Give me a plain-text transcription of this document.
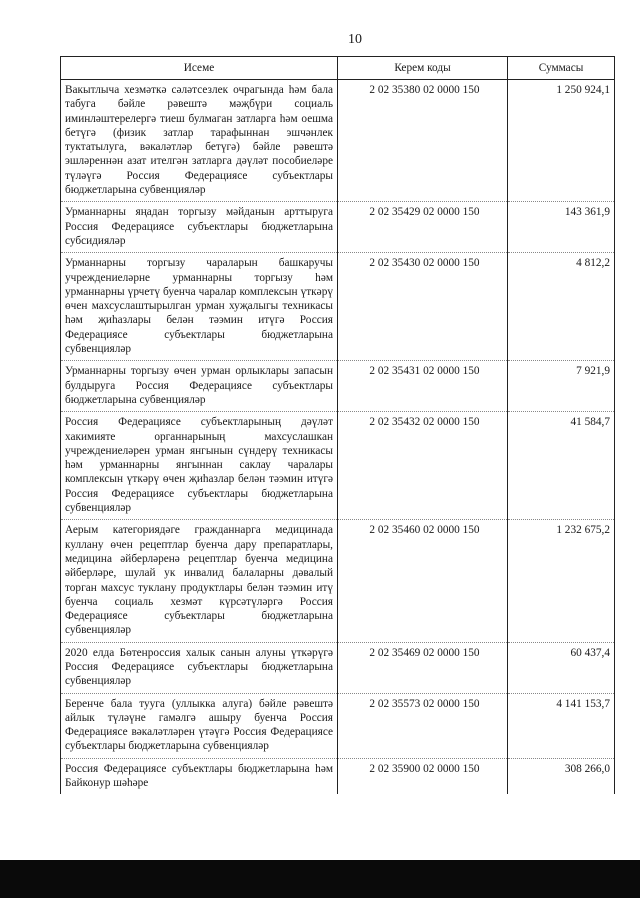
10
Исеме	Керем коды	Суммасы
Вакытлыча хезмәткә сәләтсезлек очрагында һәм бала табуга бәйле рәвештә мәҗбүри социаль иминләштерелергә тиеш булмаган затларга һәм оешма бетүгә (физик затлар тарафыннан эшчәнлек туктатылуга, вәкаләтләр бетүгә) бәйле рәвештә эшләреннән азат ителгән затларга дәүләт пособиеләре түләүгә Россия Федерациясе субъектлары бюджетларына субвенцияләр	2 02 35380 02 0000 150	1 250 924,1
Урманнарны яңадан торгызу мәйданын арттыруга Россия Федерациясе субъектлары бюджетларына субсидияләр	2 02 35429 02 0000 150	143 361,9
Урманнарны торгызу чараларын башкаручы учреждениеләрне урманнарны торгызу һәм урманнарны үрчетү буенча чаралар комплексын үткәрү өчен махсуслаштырылган урман хуҗалыгы техникасы һәм җиһазлары белән тәэмин итүгә Россия Федерациясе субъектлары бюджетларына субвенцияләр	2 02 35430 02 0000 150	4 812,2
Урманнарны торгызу өчен урман орлыклары запасын булдыруга Россия Федерациясе субъектлары бюджетларына субвенцияләр	2 02 35431 02 0000 150	7 921,9
Россия Федерациясе субъектларының дәүләт хакимияте органнарының махсуслашкан учреждениеләрен урман янгынын сүндерү техникасы һәм урманнарны янгыннан саклау чаралары комплексын үткәрү өчен җиһазлар белән тәэмин итүгә Россия Федерациясе субъектлары бюджетларына субвенцияләр	2 02 35432 02 0000 150	41 584,7
Аерым категориядәге гражданнарга медицинада куллану өчен рецептлар буенча дару препаратлары, медицина әйберләренә рецептлар буенча медицина әйберләре, шулай ук инвалид балаларны дәвалый торган махсус туклану продуктлары белән тәэмин итү буенча социаль хезмәт күрсәтүләргә Россия Федерациясе субъектлары бюджетларына субвенцияләр	2 02 35460 02 0000 150	1 232 675,2
2020 елда Бөтенроссия халык санын алуны үткәрүгә Россия Федерациясе субъектлары бюджетларына субвенцияләр	2 02 35469 02 0000 150	60 437,4
Беренче бала туугa (уллыкка алуга) бәйле рәвештә айлык түләүне гамәлгә ашыру буенча Россия Федерациясе вәкаләтләрен үтәүгә Россия Федерациясе субъектлары бюджетларына субвенцияләр	2 02 35573 02 0000 150	4 141 153,7
Россия Федерациясе субъектлары бюджетларына һәм Байконур шәһәре	2 02 35900 02 0000 150	308 266,0
